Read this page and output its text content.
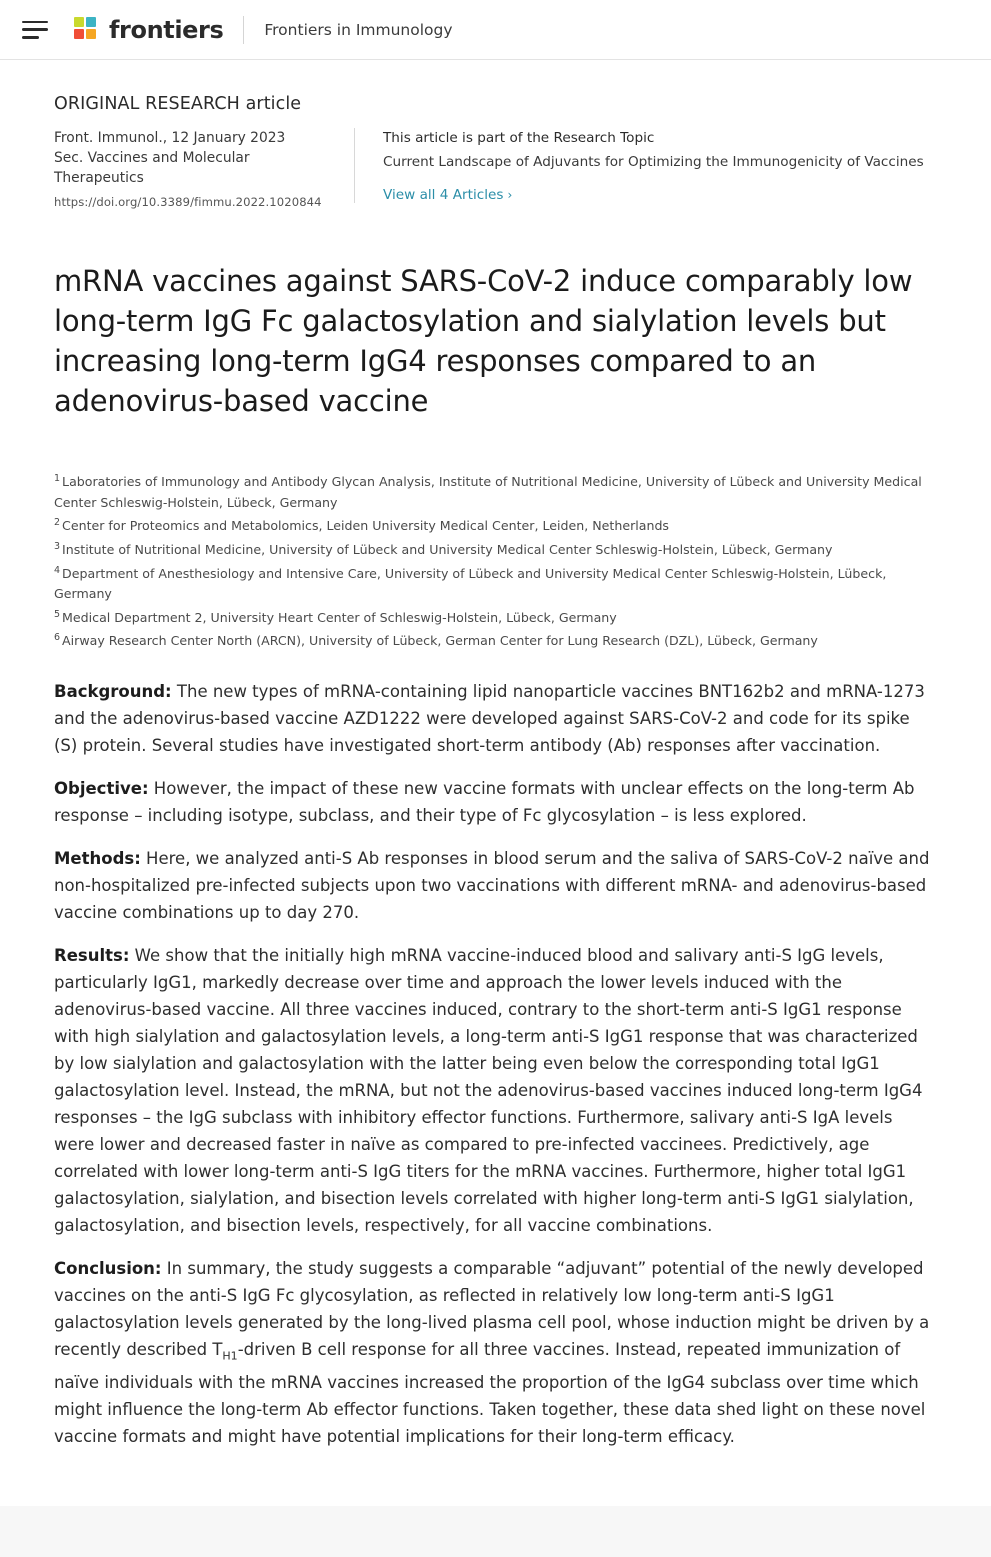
frontiers	Frontiers in Immunology
ORIGINAL RESEARCH article
Front. Immunol., 12 January 2023
Sec. Vaccines and Molecular
Therapeutics
https://doi.org/10.3389/fimmu.2022.1020844
This article is part of the Research Topic
Current Landscape of Adjuvants for Optimizing the Immunogenicity of Vaccines
View all 4 Articles ›
mRNA vaccines against SARS-CoV-2 induce comparably low long-term IgG Fc galactosylation and sialylation levels but increasing long-term IgG4 responses compared to an adenovirus-based vaccine
$^1$ Laboratories of Immunology and Antibody Glycan Analysis, Institute of Nutritional Medicine, University of Lübeck and University Medical Center Schleswig-Holstein, Lübeck, Germany
$^2$ Center for Proteomics and Metabolomics, Leiden University Medical Center, Leiden, Netherlands
$^3$ Institute of Nutritional Medicine, University of Lübeck and University Medical Center Schleswig-Holstein, Lübeck, Germany
$^4$ Department of Anesthesiology and Intensive Care, University of Lübeck and University Medical Center Schleswig-Holstein, Lübeck, Germany
$^5$ Medical Department 2, University Heart Center of Schleswig-Holstein, Lübeck, Germany
$^6$ Airway Research Center North (ARCN), University of Lübeck, German Center for Lung Research (DZL), Lübeck, Germany

Background: The new types of mRNA-containing lipid nanoparticle vaccines BNT162b2 and mRNA-1273 and the adenovirus-based vaccine AZD1222 were developed against SARS-CoV-2 and code for its spike (S) protein. Several studies have investigated short-term antibody (Ab) responses after vaccination.

Objective: However, the impact of these new vaccine formats with unclear effects on the long-term Ab response – including isotype, subclass, and their type of Fc glycosylation – is less explored.

Methods: Here, we analyzed anti-S Ab responses in blood serum and the saliva of SARS-CoV-2 naïve and non-hospitalized pre-infected subjects upon two vaccinations with different mRNA- and adenovirus-based vaccine combinations up to day 270.

Results: We show that the initially high mRNA vaccine-induced blood and salivary anti-S IgG levels, particularly IgG1, markedly decrease over time and approach the lower levels induced with the adenovirus-based vaccine. All three vaccines induced, contrary to the short-term anti-S IgG1 response with high sialylation and galactosylation levels, a long-term anti-S IgG1 response that was characterized by low sialylation and galactosylation with the latter being even below the corresponding total IgG1 galactosylation level. Instead, the mRNA, but not the adenovirus-based vaccines induced long-term IgG4 responses – the IgG subclass with inhibitory effector functions. Furthermore, salivary anti-S IgA levels were lower and decreased faster in naïve as compared to pre-infected vaccinees. Predictively, age correlated with lower long-term anti-S IgG titers for the mRNA vaccines. Furthermore, higher total IgG1 galactosylation, sialylation, and bisection levels correlated with higher long-term anti-S IgG1 sialylation, galactosylation, and bisection levels, respectively, for all vaccine combinations.

Conclusion: In summary, the study suggests a comparable “adjuvant” potential of the newly developed vaccines on the anti-S IgG Fc glycosylation, as reflected in relatively low long-term anti-S IgG1 galactosylation levels generated by the long-lived plasma cell pool, whose induction might be driven by a recently described $T_{H1}$-driven B cell response for all three vaccines. Instead, repeated immunization of naïve individuals with the mRNA vaccines increased the proportion of the IgG4 subclass over time which might influence the long-term Ab effector functions. Taken together, these data shed light on these novel vaccine formats and might have potential implications for their long-term efficacy.
